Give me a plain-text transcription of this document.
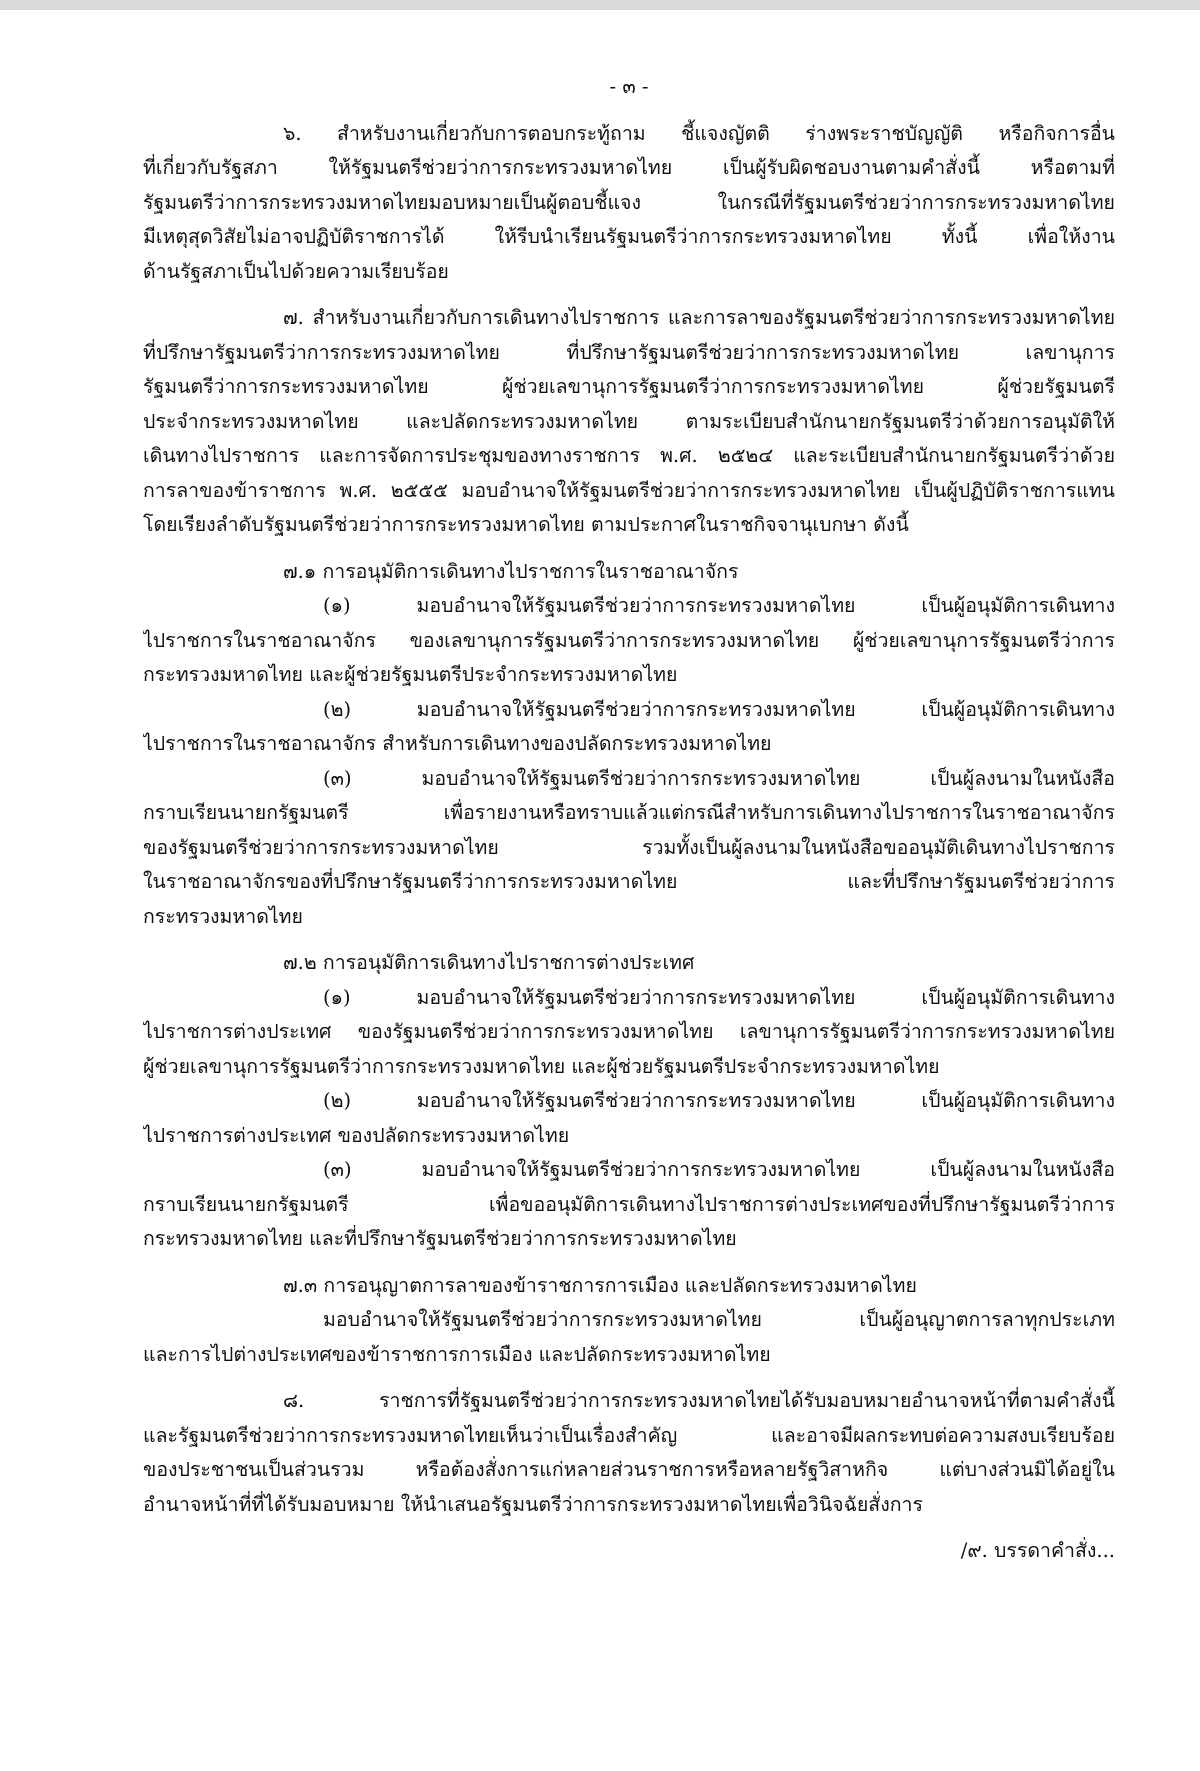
- ๓ -
๖. สำหรับงานเกี่ยวกับการตอบกระทู้ถาม ชี้แจงญัตติ ร่างพระราชบัญญัติ หรือกิจการอื่น
ที่เกี่ยวกับรัฐสภา ให้รัฐมนตรีช่วยว่าการกระทรวงมหาดไทย เป็นผู้รับผิดชอบงานตามคำสั่งนี้ หรือตามที่
รัฐมนตรีว่าการกระทรวงมหาดไทยมอบหมายเป็นผู้ตอบชี้แจง ในกรณีที่รัฐมนตรีช่วยว่าการกระทรวงมหาดไทย
มีเหตุสุดวิสัยไม่อาจปฏิบัติราชการได้ ให้รีบนำเรียนรัฐมนตรีว่าการกระทรวงมหาดไทย ทั้งนี้ เพื่อให้งาน
ด้านรัฐสภาเป็นไปด้วยความเรียบร้อย
๗. สำหรับงานเกี่ยวกับการเดินทางไปราชการ และการลาของรัฐมนตรีช่วยว่าการกระทรวงมหาดไทย
ที่ปรึกษารัฐมนตรีว่าการกระทรวงมหาดไทย ที่ปรึกษารัฐมนตรีช่วยว่าการกระทรวงมหาดไทย เลขานุการ
รัฐมนตรีว่าการกระทรวงมหาดไทย ผู้ช่วยเลขานุการรัฐมนตรีว่าการกระทรวงมหาดไทย ผู้ช่วยรัฐมนตรี
ประจำกระทรวงมหาดไทย และปลัดกระทรวงมหาดไทย ตามระเบียบสำนักนายกรัฐมนตรีว่าด้วยการอนุมัติให้
เดินทางไปราชการ และการจัดการประชุมของทางราชการ พ.ศ. ๒๕๒๔ และระเบียบสำนักนายกรัฐมนตรีว่าด้วย
การลาของข้าราชการ พ.ศ. ๒๕๕๕ มอบอำนาจให้รัฐมนตรีช่วยว่าการกระทรวงมหาดไทย เป็นผู้ปฏิบัติราชการแทน
โดยเรียงลำดับรัฐมนตรีช่วยว่าการกระทรวงมหาดไทย ตามประกาศในราชกิจจานุเบกษา ดังนี้
๗.๑ การอนุมัติการเดินทางไปราชการในราชอาณาจักร
(๑) มอบอำนาจให้รัฐมนตรีช่วยว่าการกระทรวงมหาดไทย เป็นผู้อนุมัติการเดินทาง
ไปราชการในราชอาณาจักร ของเลขานุการรัฐมนตรีว่าการกระทรวงมหาดไทย ผู้ช่วยเลขานุการรัฐมนตรีว่าการ
กระทรวงมหาดไทย และผู้ช่วยรัฐมนตรีประจำกระทรวงมหาดไทย
(๒) มอบอำนาจให้รัฐมนตรีช่วยว่าการกระทรวงมหาดไทย เป็นผู้อนุมัติการเดินทาง
ไปราชการในราชอาณาจักร สำหรับการเดินทางของปลัดกระทรวงมหาดไทย
(๓) มอบอำนาจให้รัฐมนตรีช่วยว่าการกระทรวงมหาดไทย เป็นผู้ลงนามในหนังสือ
กราบเรียนนายกรัฐมนตรี เพื่อรายงานหรือทราบแล้วแต่กรณีสำหรับการเดินทางไปราชการในราชอาณาจักร
ของรัฐมนตรีช่วยว่าการกระทรวงมหาดไทย รวมทั้งเป็นผู้ลงนามในหนังสือขออนุมัติเดินทางไปราชการ
ในราชอาณาจักรของที่ปรึกษารัฐมนตรีว่าการกระทรวงมหาดไทย และที่ปรึกษารัฐมนตรีช่วยว่าการ
กระทรวงมหาดไทย
๗.๒ การอนุมัติการเดินทางไปราชการต่างประเทศ
(๑) มอบอำนาจให้รัฐมนตรีช่วยว่าการกระทรวงมหาดไทย เป็นผู้อนุมัติการเดินทาง
ไปราชการต่างประเทศ ของรัฐมนตรีช่วยว่าการกระทรวงมหาดไทย เลขานุการรัฐมนตรีว่าการกระทรวงมหาดไทย
ผู้ช่วยเลขานุการรัฐมนตรีว่าการกระทรวงมหาดไทย และผู้ช่วยรัฐมนตรีประจำกระทรวงมหาดไทย
(๒) มอบอำนาจให้รัฐมนตรีช่วยว่าการกระทรวงมหาดไทย เป็นผู้อนุมัติการเดินทาง
ไปราชการต่างประเทศ ของปลัดกระทรวงมหาดไทย
(๓) มอบอำนาจให้รัฐมนตรีช่วยว่าการกระทรวงมหาดไทย เป็นผู้ลงนามในหนังสือ
กราบเรียนนายกรัฐมนตรี เพื่อขออนุมัติการเดินทางไปราชการต่างประเทศของที่ปรึกษารัฐมนตรีว่าการ
กระทรวงมหาดไทย และที่ปรึกษารัฐมนตรีช่วยว่าการกระทรวงมหาดไทย
๗.๓ การอนุญาตการลาของข้าราชการการเมือง และปลัดกระทรวงมหาดไทย
มอบอำนาจให้รัฐมนตรีช่วยว่าการกระทรวงมหาดไทย เป็นผู้อนุญาตการลาทุกประเภท
และการไปต่างประเทศของข้าราชการการเมือง และปลัดกระทรวงมหาดไทย
๘. ราชการที่รัฐมนตรีช่วยว่าการกระทรวงมหาดไทยได้รับมอบหมายอำนาจหน้าที่ตามคำสั่งนี้
และรัฐมนตรีช่วยว่าการกระทรวงมหาดไทยเห็นว่าเป็นเรื่องสำคัญ และอาจมีผลกระทบต่อความสงบเรียบร้อย
ของประชาชนเป็นส่วนรวม หรือต้องสั่งการแก่หลายส่วนราชการหรือหลายรัฐวิสาหกิจ แต่บางส่วนมิได้อยู่ใน
อำนาจหน้าที่ที่ได้รับมอบหมาย ให้นำเสนอรัฐมนตรีว่าการกระทรวงมหาดไทยเพื่อวินิจฉัยสั่งการ
/๙. บรรดาคำสั่ง...
